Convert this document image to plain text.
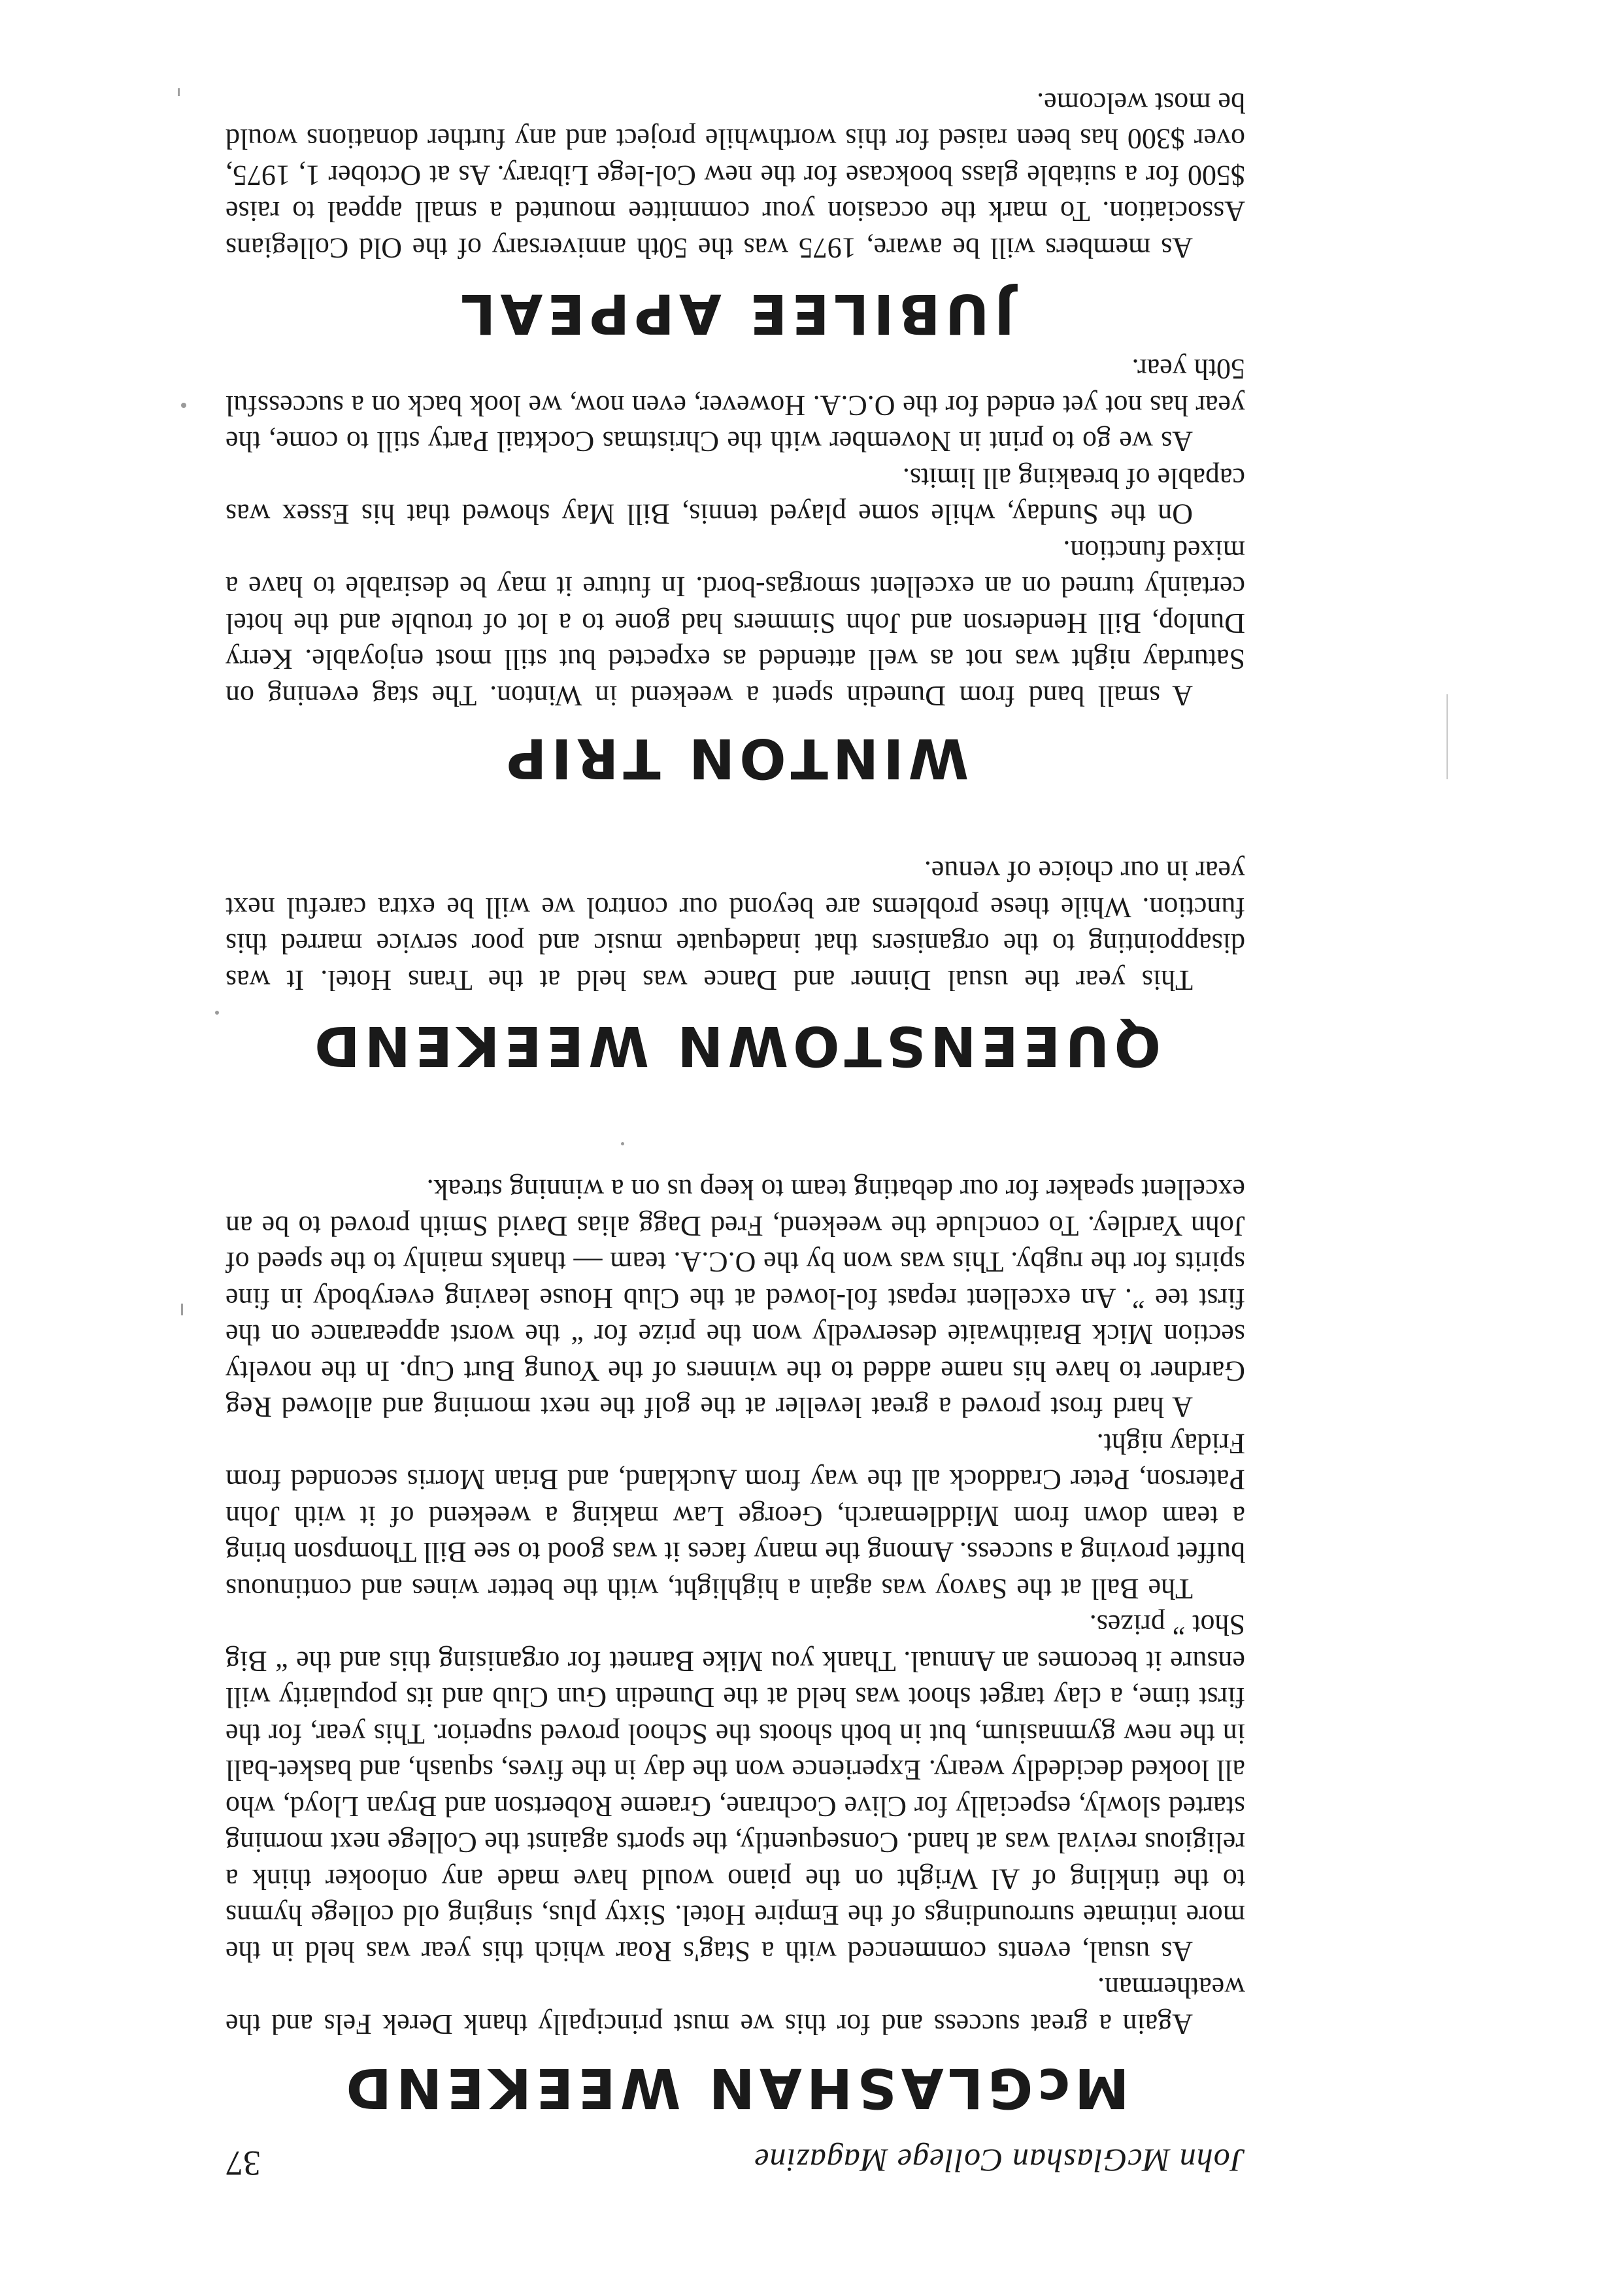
John McGlashan College Magazine
37
McGLASHAN WEEKEND

Again a great success and for this we must principally thank Derek Fels and the weatherman.

As usual, events commenced with a Stag's Roar which this year was held in the more intimate surroundings of the Empire Hotel. Sixty plus, singing old college hymns to the tinkling of Al Wright on the piano would have made any onlooker think a religious revival was at hand. Consequently, the sports against the College next morning started slowly, especially for Clive Cochrane, Graeme Robertson and Bryan Lloyd, who all looked decidedly weary. Experience won the day in the fives, squash, and basket-ball in the new gymnasium, but in both shoots the School proved superior. This year, for the first time, a clay target shoot was held at the Dunedin Gun Club and its popularity will ensure it becomes an Annual. Thank you Mike Barnett for organising this and the “ Big Shot ” prizes.

The Ball at the Savoy was again a highlight, with the better wines and continuous buffet proving a success. Among the many faces it was good to see Bill Thompson bring a team down from Middlemarch, George Law making a weekend of it with John Paterson, Peter Craddock all the way from Auckland, and Brian Morris seconded from Friday night.

A hard frost proved a great leveller at the golf the next morning and allowed Reg Gardner to have his name added to the winners of the Young Burt Cup. In the novelty section Mick Braithwaite deservedly won the prize for “ the worst appearance on the first tee ”. An excellent repast fol-lowed at the Club House leaving everybody in fine spirits for the rugby. This was won by the O.C.A. team — thanks mainly to the speed of John Yardley. To conclude the weekend, Fred Dagg alias David Smith proved to be an excellent speaker for our debating team to keep us on a winning streak.

QUEENSTOWN WEEKEND

This year the usual Dinner and Dance was held at the Trans Hotel. It was disappointing to the organisers that inadequate music and poor service marred this function. While these problems are beyond our control we will be extra careful next year in our choice of venue.

WINTON TRIP

A small band from Dunedin spent a weekend in Winton. The stag evening on Saturday night was not as well attended as expected but still most enjoyable. Kerry Dunlop, Bill Henderson and John Simmers had gone to a lot of trouble and the hotel certainly turned on an excellent smorgas-bord. In future it may be desirable to have a mixed function.

On the Sunday, while some played tennis, Bill May showed that his Essex was capable of breaking all limits.

As we go to print in November with the Christmas Cocktail Party still to come, the year has not yet ended for the O.C.A. However, even now, we look back on a successful 50th year.

JUBILEE APPEAL

As members will be aware, 1975 was the 50th anniversary of the Old Collegians Association. To mark the occasion your committee mounted a small appeal to raise $500 for a suitable glass bookcase for the new Col-lege Library. As at October 1, 1975, over $300 has been raised for this worthwhile project and any further donations would be most welcome.
